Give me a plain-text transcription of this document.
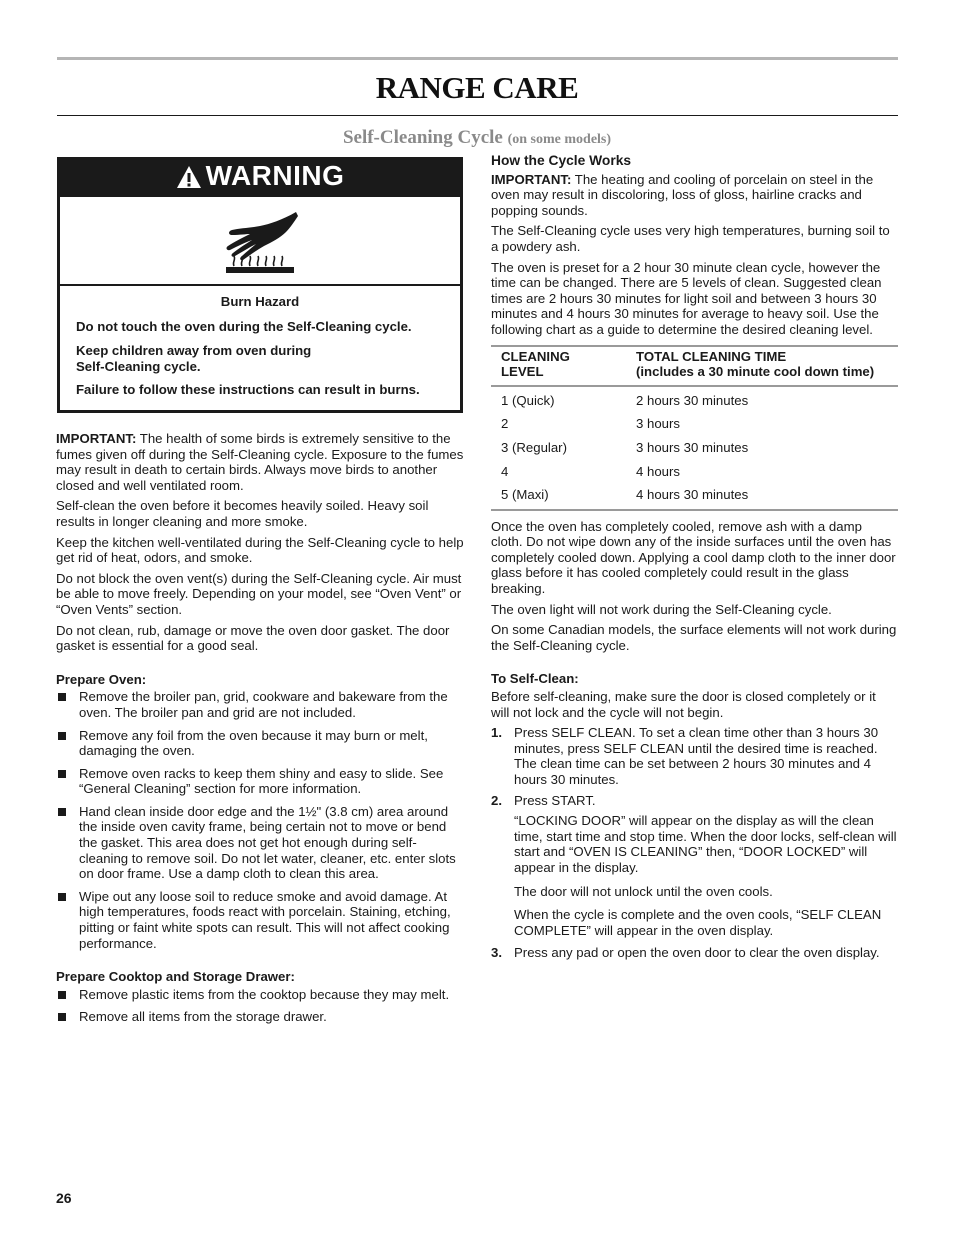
RANGE CARE
Self-Cleaning Cycle (on some models)
WARNING

Burn Hazard

Do not touch the oven during the Self-Cleaning cycle.

Keep children away from oven during

Self-Cleaning cycle.

Failure to follow these instructions can result in burns.

IMPORTANT: The health of some birds is extremely sensitive to the fumes given off during the Self-Cleaning cycle. Exposure to the fumes may result in death to certain birds. Always move birds to another closed and well ventilated room.

Self-clean the oven before it becomes heavily soiled. Heavy soil results in longer cleaning and more smoke.

Keep the kitchen well-ventilated during the Self-Cleaning cycle to help get rid of heat, odors, and smoke.

Do not block the oven vent(s) during the Self-Cleaning cycle. Air must be able to move freely. Depending on your model, see “Oven Vent” or “Oven Vents” section.

Do not clean, rub, damage or move the oven door gasket. The door gasket is essential for a good seal.

Prepare Oven:

Remove the broiler pan, grid, cookware and bakeware from the oven. The broiler pan and grid are not included.

Remove any foil from the oven because it may burn or melt, damaging the oven.

Remove oven racks to keep them shiny and easy to slide. See “General Cleaning” section for more information.

Hand clean inside door edge and the 1½" (3.8 cm) area around the inside oven cavity frame, being certain not to move or bend the gasket. This area does not get hot enough during self-cleaning to remove soil. Do not let water, cleaner, etc. enter slots on door frame. Use a damp cloth to clean this area.

Wipe out any loose soil to reduce smoke and avoid damage. At high temperatures, foods react with porcelain. Staining, etching, pitting or faint white spots can result. This will not affect cooking performance.

Prepare Cooktop and Storage Drawer:

Remove plastic items from the cooktop because they may melt.

Remove all items from the storage drawer.

How the Cycle Works

IMPORTANT: The heating and cooling of porcelain on steel in the oven may result in discoloring, loss of gloss, hairline cracks and popping sounds.

The Self-Cleaning cycle uses very high temperatures, burning soil to a powdery ash.

The oven is preset for a 2 hour 30 minute clean cycle, however the time can be changed. There are 5 levels of clean. Suggested clean times are 2 hours 30 minutes for light soil and between 3 hours 30 minutes and 4 hours 30 minutes for average to heavy soil. Use the following chart as a guide to determine the desired cleaning level.

CLEANING
LEVEL	TOTAL CLEANING TIME
(includes a 30 minute cool down time)
1 (Quick)	2 hours 30 minutes
2	3 hours
3 (Regular)	3 hours 30 minutes
4	4 hours
5 (Maxi)	4 hours 30 minutes

Once the oven has completely cooled, remove ash with a damp cloth. Do not wipe down any of the inside surfaces until the oven has completely cooled down. Applying a cool damp cloth to the inner door glass before it has cooled completely could result in the glass breaking.

The oven light will not work during the Self-Cleaning cycle.

On some Canadian models, the surface elements will not work during the Self-Cleaning cycle.

To Self-Clean:

Before self-cleaning, make sure the door is closed completely or it will not lock and the cycle will not begin.

1. Press SELF CLEAN. To set a clean time other than 3 hours 30 minutes, press SELF CLEAN until the desired time is reached. The clean time can be set between 2 hours 30 minutes and 4 hours 30 minutes.

2. Press START.

“LOCKING DOOR” will appear on the display as will the clean time, start time and stop time. When the door locks, self-clean will start and “OVEN IS CLEANING” then, “DOOR LOCKED” will appear in the display.

The door will not unlock until the oven cools.

When the cycle is complete and the oven cools, “SELF CLEAN COMPLETE” will appear in the oven display.

3. Press any pad or open the oven door to clear the oven display.

26
